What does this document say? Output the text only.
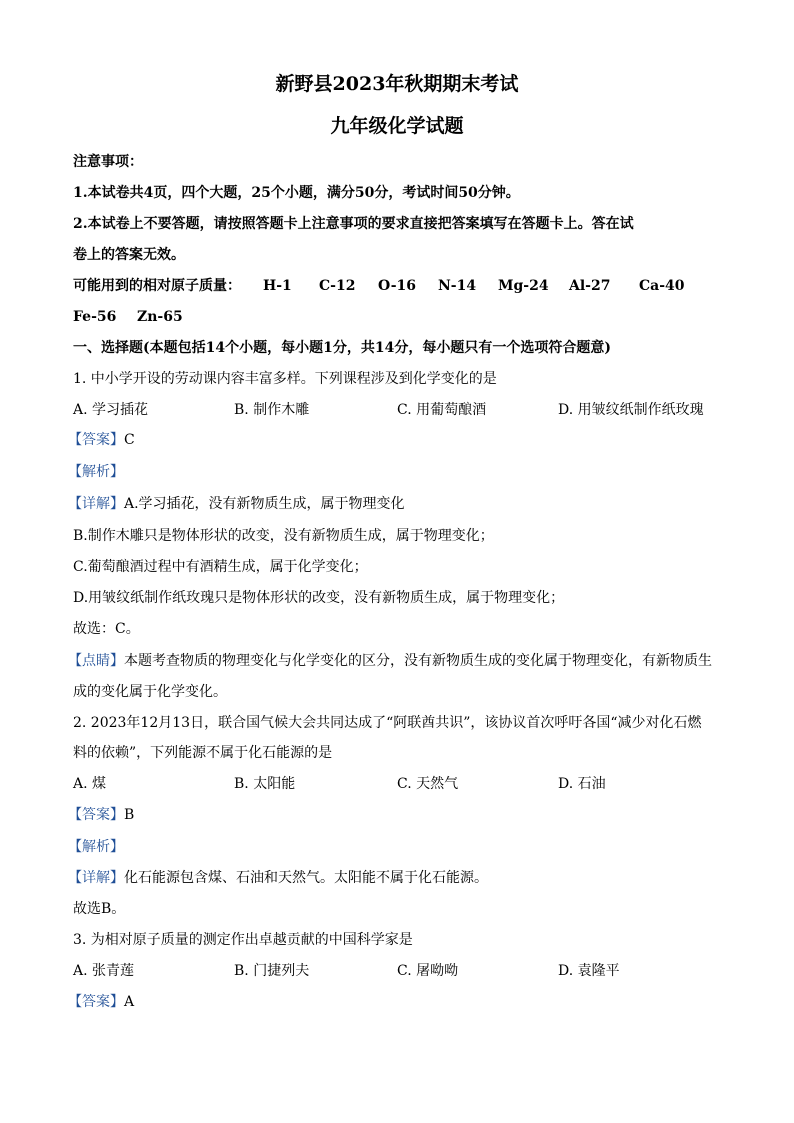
新野县2023年秋期期末考试
九年级化学试题
注意事项：
1.本试卷共4页，四个大题，25个小题，满分50分，考试时间50分钟。
2.本试卷上不要答题，请按照答题卡上注意事项的要求直接把答案填写在答题卡上。答在试
卷上的答案无效。
可能用到的相对原子质量： H-1 C-12 O-16 N-14 Mg-24 Al-27 Ca-40
Fe-56 Zn-65
一、选择题(本题包括14个小题，每小题1分，共14分，每小题只有一个选项符合题意)
1. 中小学开设的劳动课内容丰富多样。下列课程涉及到化学变化的是
A. 学习插花	B. 制作木雕	C. 用葡萄酿酒	D. 用皱纹纸制作纸玫瑰
【答案】C
【解析】
【详解】A.学习插花，没有新物质生成，属于物理变化
B.制作木雕只是物体形状的改变，没有新物质生成，属于物理变化；
C.葡萄酿酒过程中有酒精生成，属于化学变化；
D.用皱纹纸制作纸玫瑰只是物体形状的改变，没有新物质生成，属于物理变化；
故选：C。
【点睛】本题考查物质的物理变化与化学变化的区分，没有新物质生成的变化属于物理变化，有新物质生
成的变化属于化学变化。
2. 2023年12月13日，联合国气候大会共同达成了“阿联酋共识”，该协议首次呼吁各国“减少对化石燃
料的依赖”，下列能源不属于化石能源的是
A. 煤	B. 太阳能	C. 天然气	D. 石油
【答案】B
【解析】
【详解】化石能源包含煤、石油和天然气。太阳能不属于化石能源。
故选B。
3. 为相对原子质量的测定作出卓越贡献的中国科学家是
A. 张青莲	B. 门捷列夫	C. 屠呦呦	D. 袁隆平
【答案】A
